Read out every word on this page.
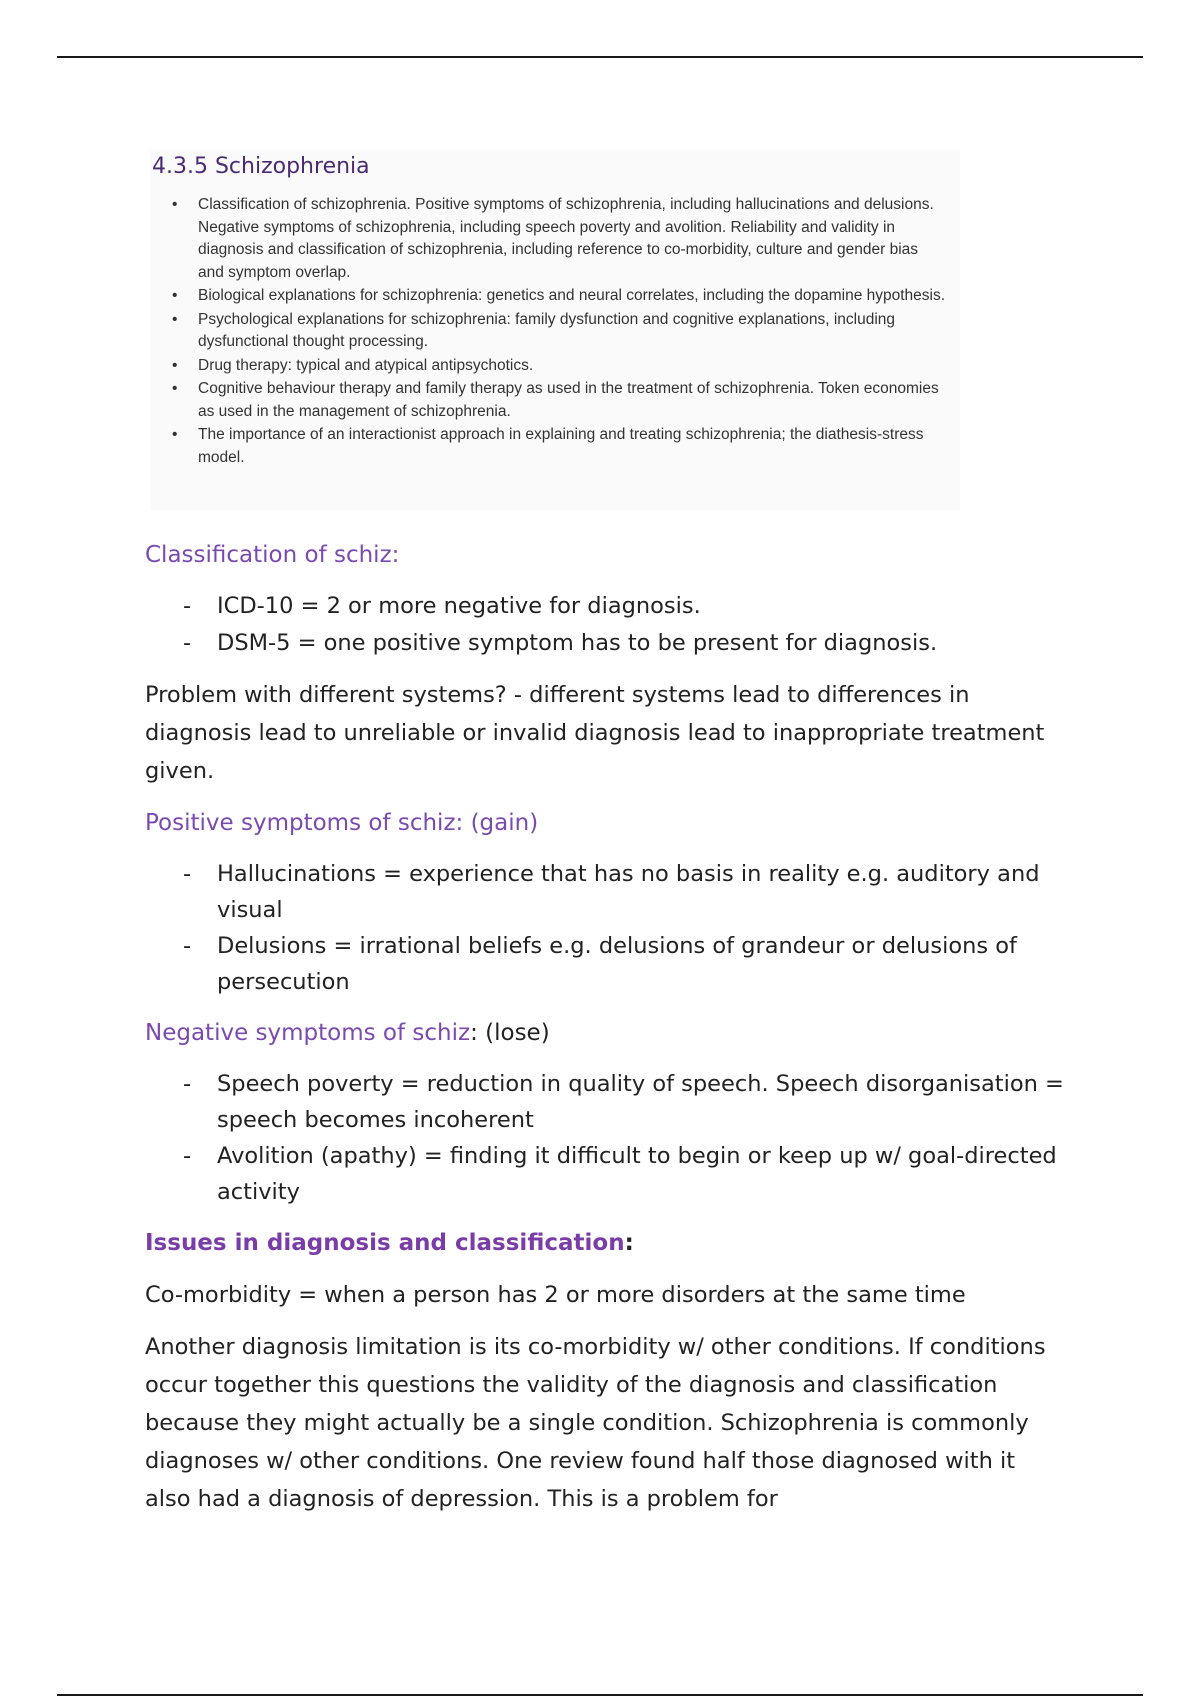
4.3.5 Schizophrenia
• Classification of schizophrenia. Positive symptoms of schizophrenia, including hallucinations and delusions. Negative symptoms of schizophrenia, including speech poverty and avolition. Reliability and validity in diagnosis and classification of schizophrenia, including reference to co-morbidity, culture and gender bias and symptom overlap.
• Biological explanations for schizophrenia: genetics and neural correlates, including the dopamine hypothesis.
• Psychological explanations for schizophrenia: family dysfunction and cognitive explanations, including dysfunctional thought processing.
• Drug therapy: typical and atypical antipsychotics.
• Cognitive behaviour therapy and family therapy as used in the treatment of schizophrenia. Token economies as used in the management of schizophrenia.
• The importance of an interactionist approach in explaining and treating schizophrenia; the diathesis-stress model.
Classification of schiz:
- ICD-10 = 2 or more negative for diagnosis.
- DSM-5 = one positive symptom has to be present for diagnosis.

Problem with different systems? - different systems lead to differences in diagnosis lead to unreliable or invalid diagnosis lead to inappropriate treatment given.

Positive symptoms of schiz: (gain)
- Hallucinations = experience that has no basis in reality e.g. auditory and visual
- Delusions = irrational beliefs e.g. delusions of grandeur or delusions of persecution
Negative symptoms of schiz: (lose)
- Speech poverty = reduction in quality of speech. Speech disorganisation = speech becomes incoherent
- Avolition (apathy) = finding it difficult to begin or keep up w/ goal-directed activity
Issues in diagnosis and classification:

Co-morbidity = when a person has 2 or more disorders at the same time

Another diagnosis limitation is its co-morbidity w/ other conditions. If conditions occur together this questions the validity of the diagnosis and classification because they might actually be a single condition. Schizophrenia is commonly diagnoses w/ other conditions. One review found half those diagnosed with it also had a diagnosis of depression. This is a problem for
